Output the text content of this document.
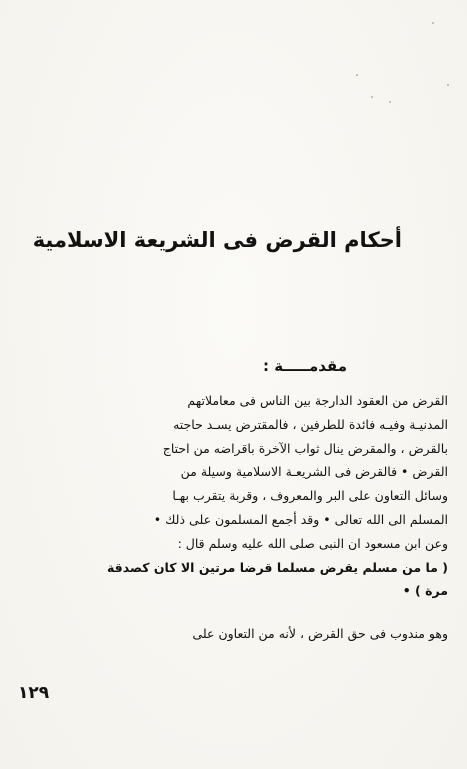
أحكام القرض فى الشريعة الاسلامية
مقدمـــــة :
القرض من العقود الدارجة بين الناس فى معاملاتهم
المدنيـة وفيـه فائدة للطرفين ، فالمقترض يسـد حاجته
بالقرض ، والمقرض ينال ثواب الآخرة باقراضه من احتاج
القرض • فالقرض فى الشريعـة الاسلامية وسيلة من
وسائل التعاون على البر والمعروف ، وقربة يتقرب بهـا
المسلم الى الله تعالى • وقد أجمع المسلمون على ذلك •
وعن ابن مسعود ان النبى صلى الله عليه وسلم قال :
( ما من مسلم يقرض مسلما قرضا مرتين الا كان كصدقة
مرة ) •
وهو مندوب فى حق القرض ، لأنه من التعاون على
١٢٩
